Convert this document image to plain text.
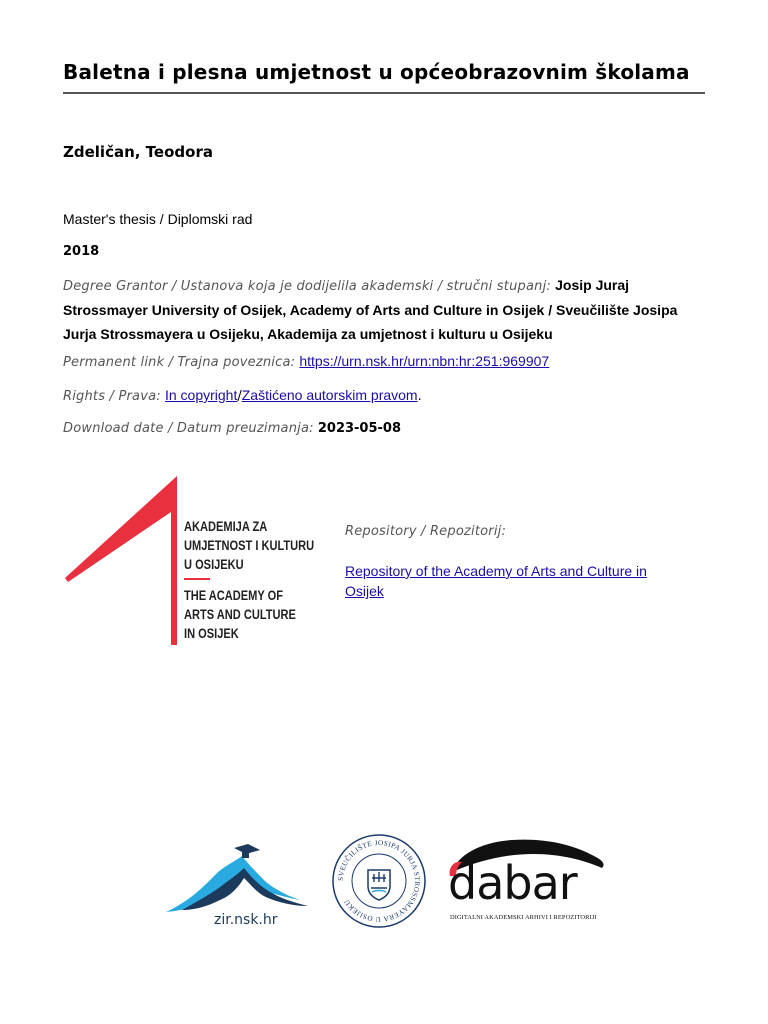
Baletna i plesna umjetnost u općeobrazovnim školama
Zdeličan, Teodora
Master's thesis / Diplomski rad
2018
Degree Grantor / Ustanova koja je dodijelila akademski / stručni stupanj: Josip Juraj Strossmayer University of Osijek, Academy of Arts and Culture in Osijek / Sveučilište Josipa Jurja Strossmayera u Osijeku, Akademija za umjetnost i kulturu u Osijeku
Permanent link / Trajna poveznica: https://urn.nsk.hr/urn:nbn:hr:251:969907
Rights / Prava: In copyright/Zaštićeno autorskim pravom.
Download date / Datum preuzimanja: 2023-05-08
AKADEMIJA ZA
UMJETNOST I KULTURU
U OSIJEKU
THE ACADEMY OF
ARTS AND CULTURE
IN OSIJEK
Repository / Repozitorij:
Repository of the Academy of Arts and Culture in Osijek
zir.nsk.hr
SVEUČILIŠTE JOSIPA JURJA STROSSMAYERA U OSIJEKU	dabar
DIGITALNI AKADEMSKI ARHIVI I REPOZITORIJI
